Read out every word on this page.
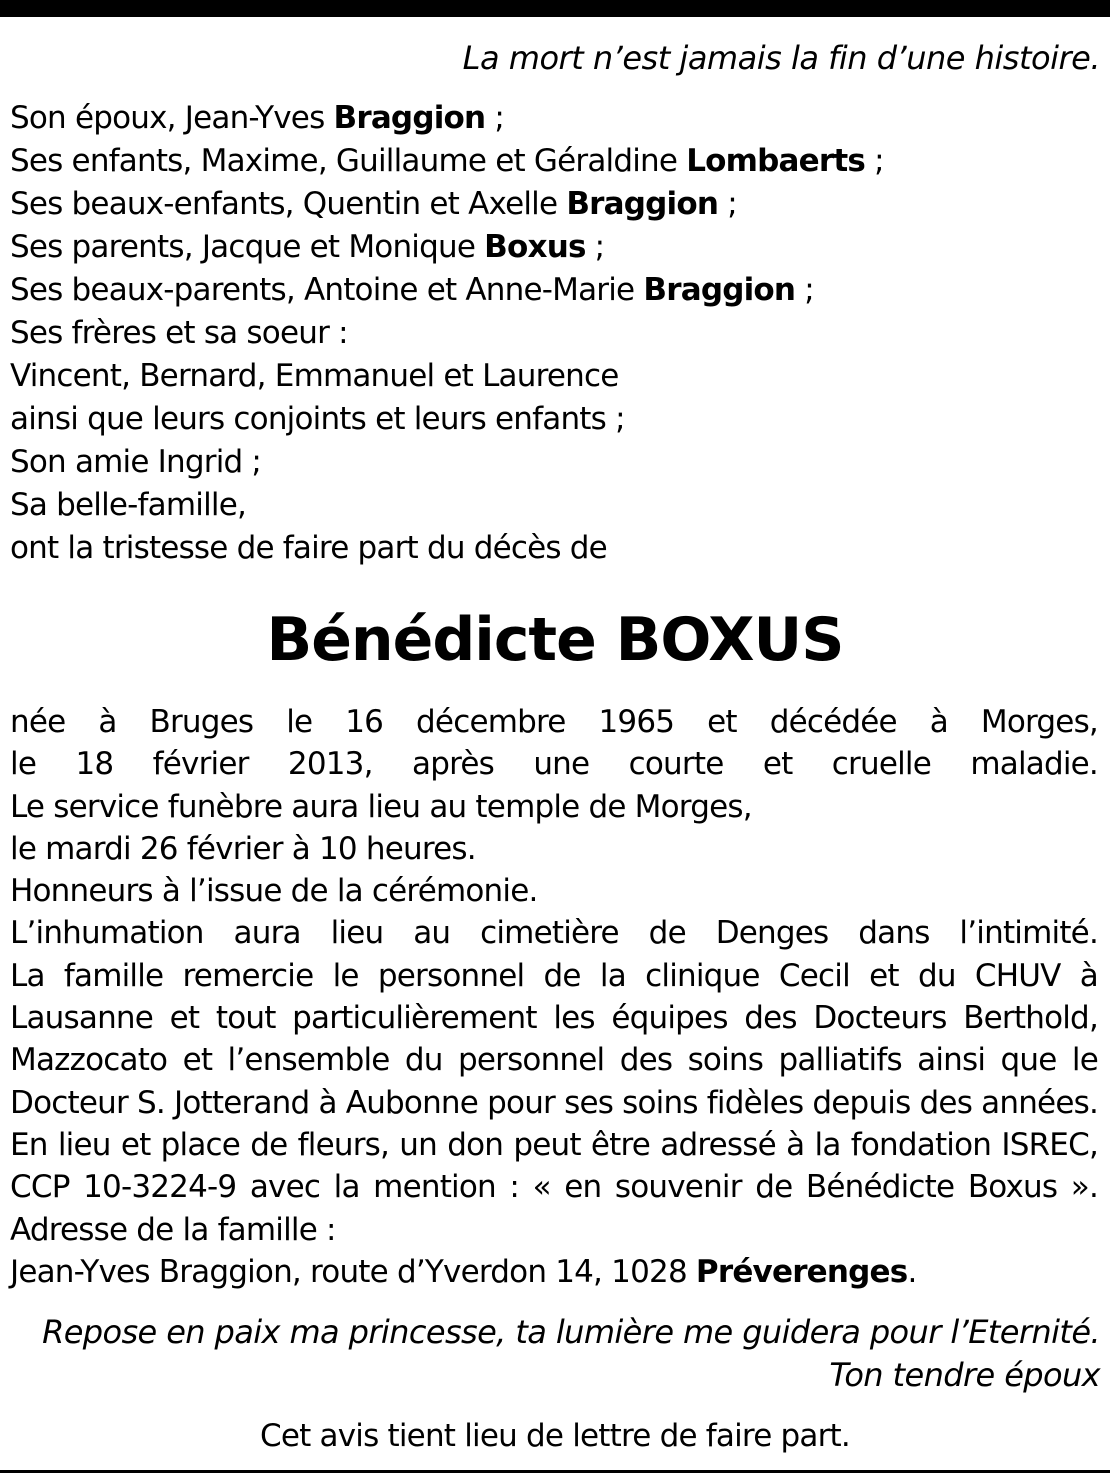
La mort n’est jamais la fin d’une histoire.
Son époux, Jean-Yves Braggion ;
Ses enfants, Maxime, Guillaume et Géraldine Lombaerts ;
Ses beaux-enfants, Quentin et Axelle Braggion ;
Ses parents, Jacque et Monique Boxus ;
Ses beaux-parents, Antoine et Anne-Marie Braggion ;
Ses frères et sa soeur :
Vincent, Bernard, Emmanuel et Laurence
ainsi que leurs conjoints et leurs enfants ;
Son amie Ingrid ;
Sa belle-famille,
ont la tristesse de faire part du décès de
Bénédicte BOXUS
née à Bruges le 16 décembre 1965 et décédée à Morges,
le 18 février 2013, après une courte et cruelle maladie.
Le service funèbre aura lieu au temple de Morges,
le mardi 26 février à 10 heures.
Honneurs à l’issue de la cérémonie.
L’inhumation aura lieu au cimetière de Denges dans l’intimité.
La famille remercie le personnel de la clinique Cecil et du CHUV à
Lausanne et tout particulièrement les équipes des Docteurs Berthold,
Mazzocato et l’ensemble du personnel des soins palliatifs ainsi que le
Docteur S. Jotterand à Aubonne pour ses soins fidèles depuis des années.
En lieu et place de fleurs, un don peut être adressé à la fondation ISREC,
CCP 10-3224-9 avec la mention : « en souvenir de Bénédicte Boxus ».
Adresse de la famille :
Jean-Yves Braggion, route d’Yverdon 14, 1028 Préverenges.
Repose en paix ma princesse, ta lumière me guidera pour l’Eternité.
Ton tendre époux
Cet avis tient lieu de lettre de faire part.
